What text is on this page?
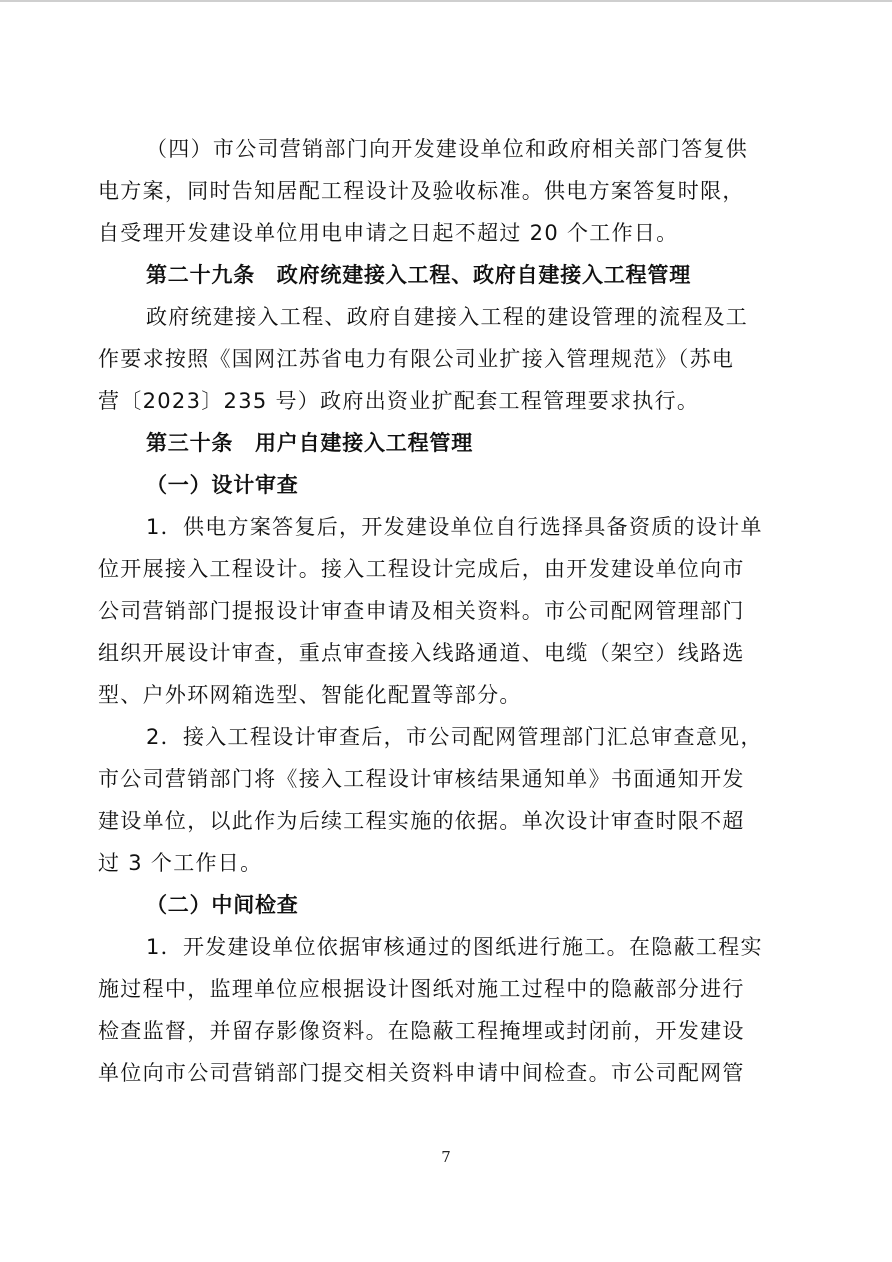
（四）市公司营销部门向开发建设单位和政府相关部门答复供
电方案，同时告知居配工程设计及验收标准。供电方案答复时限，
自受理开发建设单位用电申请之日起不超过 20 个工作日。
第二十九条　政府统建接入工程、政府自建接入工程管理
政府统建接入工程、政府自建接入工程的建设管理的流程及工
作要求按照《国网江苏省电力有限公司业扩接入管理规范》（苏电
营〔2023〕235 号）政府出资业扩配套工程管理要求执行。
第三十条　用户自建接入工程管理
（一）设计审查
1．供电方案答复后，开发建设单位自行选择具备资质的设计单
位开展接入工程设计。接入工程设计完成后，由开发建设单位向市
公司营销部门提报设计审查申请及相关资料。市公司配网管理部门
组织开展设计审查，重点审查接入线路通道、电缆（架空）线路选
型、户外环网箱选型、智能化配置等部分。
2．接入工程设计审查后，市公司配网管理部门汇总审查意见，
市公司营销部门将《接入工程设计审核结果通知单》书面通知开发
建设单位，以此作为后续工程实施的依据。单次设计审查时限不超
过 3 个工作日。
（二）中间检查
1．开发建设单位依据审核通过的图纸进行施工。在隐蔽工程实
施过程中，监理单位应根据设计图纸对施工过程中的隐蔽部分进行
检查监督，并留存影像资料。在隐蔽工程掩埋或封闭前，开发建设
单位向市公司营销部门提交相关资料申请中间检查。市公司配网管
7
